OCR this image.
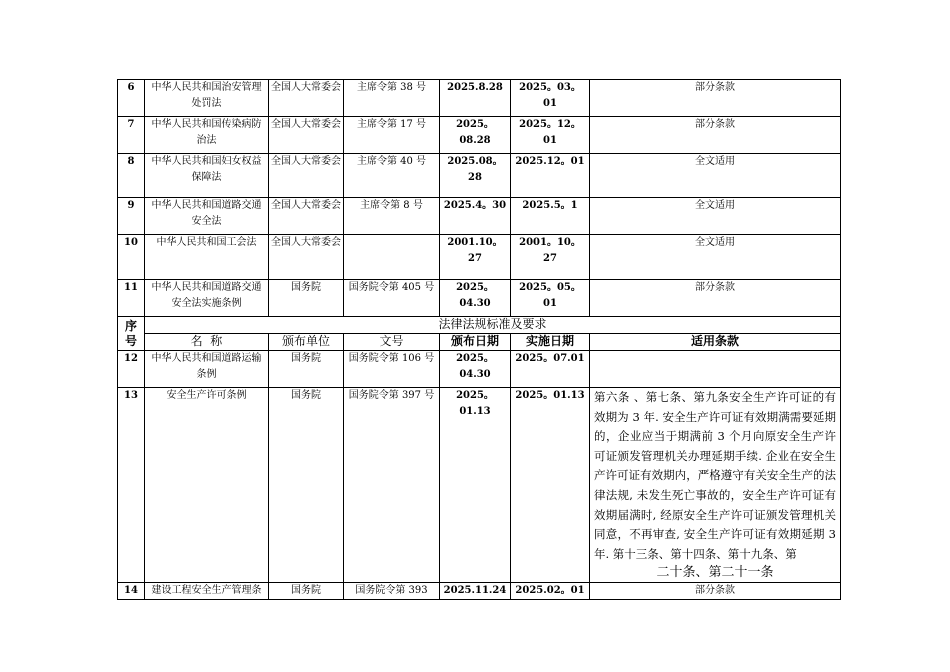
6	中华人民共和国治安管理处罚法	全国人大常委会	主席令第 38 号	2025.8.28	2025。03。01	部分条款
7	中华人民共和国传染病防治法	全国人大常委会	主席令第 17 号	2025。08.28	2025。12。01	部分条款
8	中华人民共和国妇女权益保障法	全国人大常委会	主席令第 40 号	2025.08。28	2025.12。01	全文适用
9	中华人民共和国道路交通安全法	全国人大常委会	主席令第 8 号	2025.4。30	2025.5。1	全文适用
10	中华人民共和国工会法	全国人大常委会		2001.10。27	2001。10。27	全文适用
11	中华人民共和国道路交通安全法实施条例	国务院	国务院令第 405 号	2025。04.30	2025。05。01	部分条款
序号	法律法规标准及要求					
	名  称	颁布单位	文号	颁布日期	实施日期	适用条款
12	中华人民共和国道路运输条例	国务院	国务院令第 106 号	2025。04.30	2025。07.01	
13	安全生产许可条例	国务院	国务院令第 397 号	2025。01.13	2025。01.13	第六条 、第七条、第九条安全生产许可证的有效期为 3 年. 安全生产许可证有效期满需要延期的，企业应当于期满前 3 个月向原安全生产许可证颁发管理机关办理延期手续. 企业在安全生产许可证有效期内，严格遵守有关安全生产的法律法规, 未发生死亡事故的，安全生产许可证有效期届满时, 经原安全生产许可证颁发管理机关同意，不再审查, 安全生产许可证有效期延期 3 年. 第十三条、第十四条、第十九条、第
二十条、第二十一条

14	建设工程安全生产管理条	国务院	国务院令第 393	2025.11.24	2025.02。01	部分条款
